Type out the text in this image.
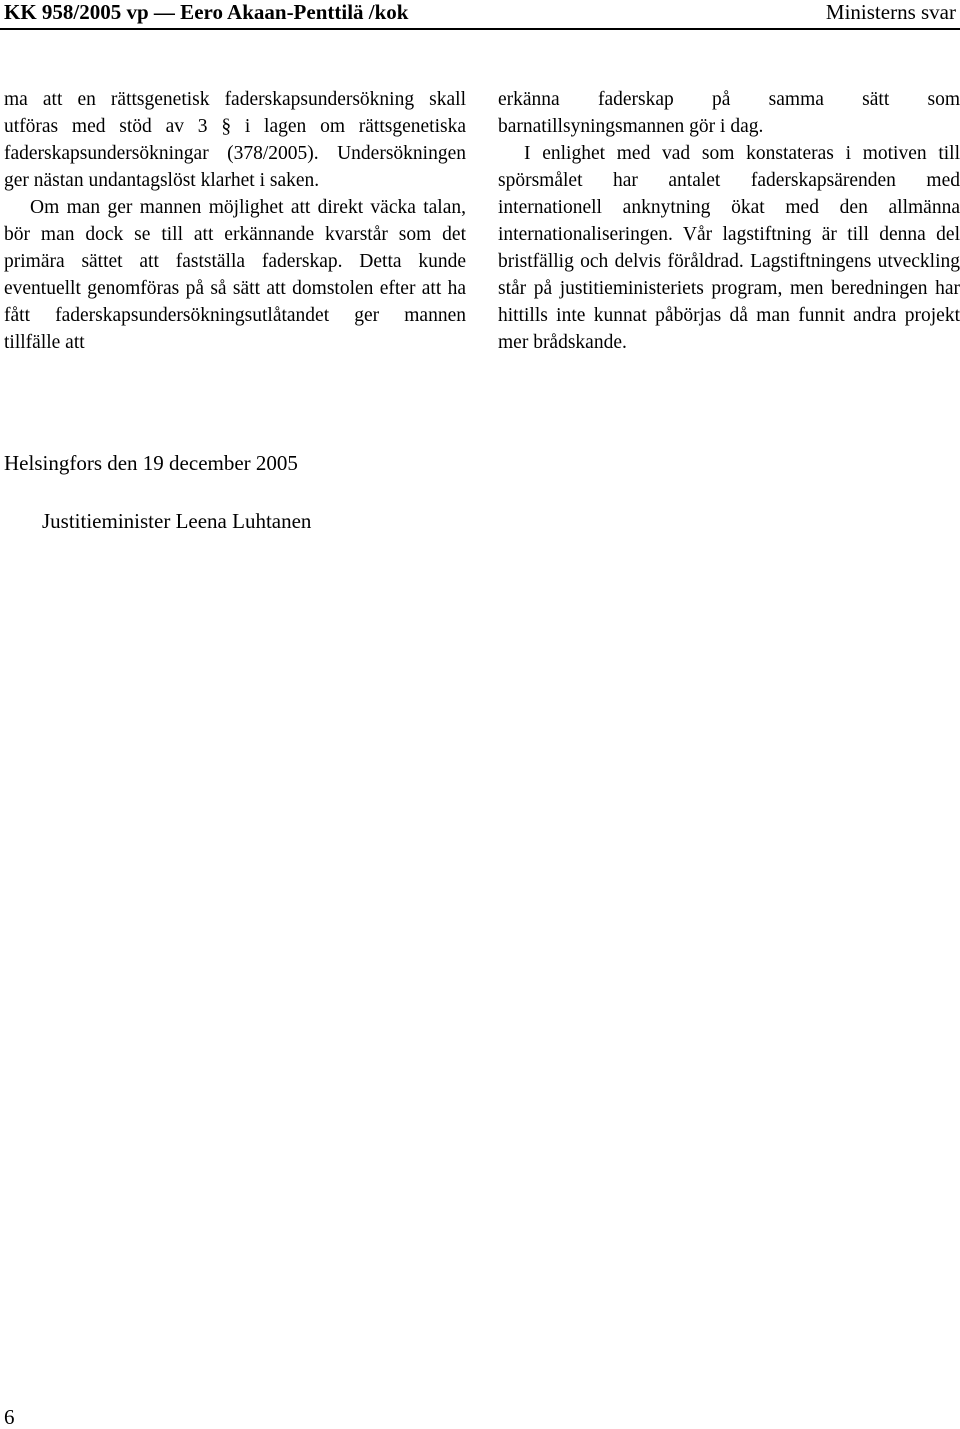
KK 958/2005 vp — Eero Akaan-Penttilä /kok	Ministerns svar

ma att en rättsgenetisk faderskapsundersökning skall utföras med stöd av 3 § i lagen om rättsgenetiska faderskapsundersökningar (378/2005). Undersökningen ger nästan undantagslöst klarhet i saken.

Om man ger mannen möjlighet att direkt väcka talan, bör man dock se till att erkännande kvarstår som det primära sättet att fastställa faderskap. Detta kunde eventuellt genomföras på så sätt att domstolen efter att ha fått faderskapsundersökningsutlåtandet ger mannen tillfälle att

erkänna faderskap på samma sätt som barnatillsyningsmannen gör i dag.

I enlighet med vad som konstateras i motiven till spörsmålet har antalet faderskapsärenden med internationell anknytning ökat med den allmänna internationaliseringen. Vår lagstiftning är till denna del bristfällig och delvis föråldrad. Lagstiftningens utveckling står på justitieministeriets program, men beredningen har hittills inte kunnat påbörjas då man funnit andra projekt mer brådskande.

Helsingfors den 19 december 2005
Justitieminister Leena Luhtanen
6
